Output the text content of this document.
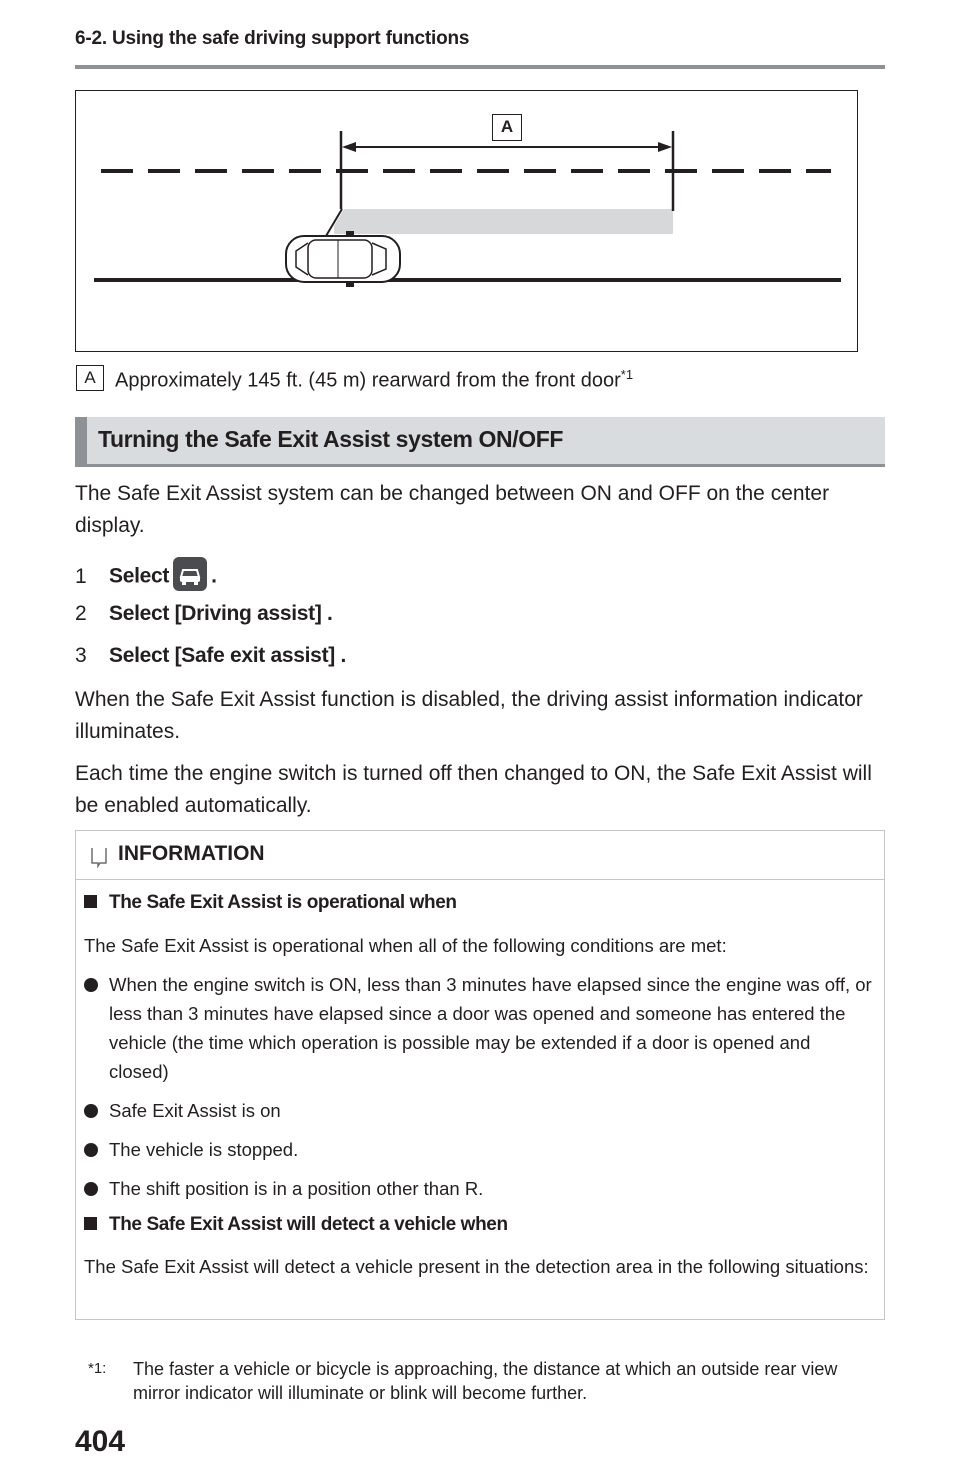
6-2. Using the safe driving support functions
A
A Approximately 145 ft. (45 m) rearward from the front door$^{*1}$
Turning the Safe Exit Assist system ON/OFF
The Safe Exit Assist system can be changed between ON and OFF on the center display.
1 Select .
2 Select [Driving assist] .
3 Select [Safe exit assist] .
When the Safe Exit Assist function is disabled, the driving assist information indicator illuminates.
Each time the engine switch is turned off then changed to ON, the Safe Exit Assist will be enabled automatically.
INFORMATION
The Safe Exit Assist is operational when
The Safe Exit Assist is operational when all of the following conditions are met:
When the engine switch is ON, less than 3 minutes have elapsed since the engine was off, or less than 3 minutes have elapsed since a door was opened and someone has entered the vehicle (the time which operation is possible may be extended if a door is opened and closed)
Safe Exit Assist is on
The vehicle is stopped.
The shift position is in a position other than R.
The Safe Exit Assist will detect a vehicle when
The Safe Exit Assist will detect a vehicle present in the detection area in the following situations:
*1:	The faster a vehicle or bicycle is approaching, the distance at which an outside rear view mirror indicator will illuminate or blink will become further.
404
